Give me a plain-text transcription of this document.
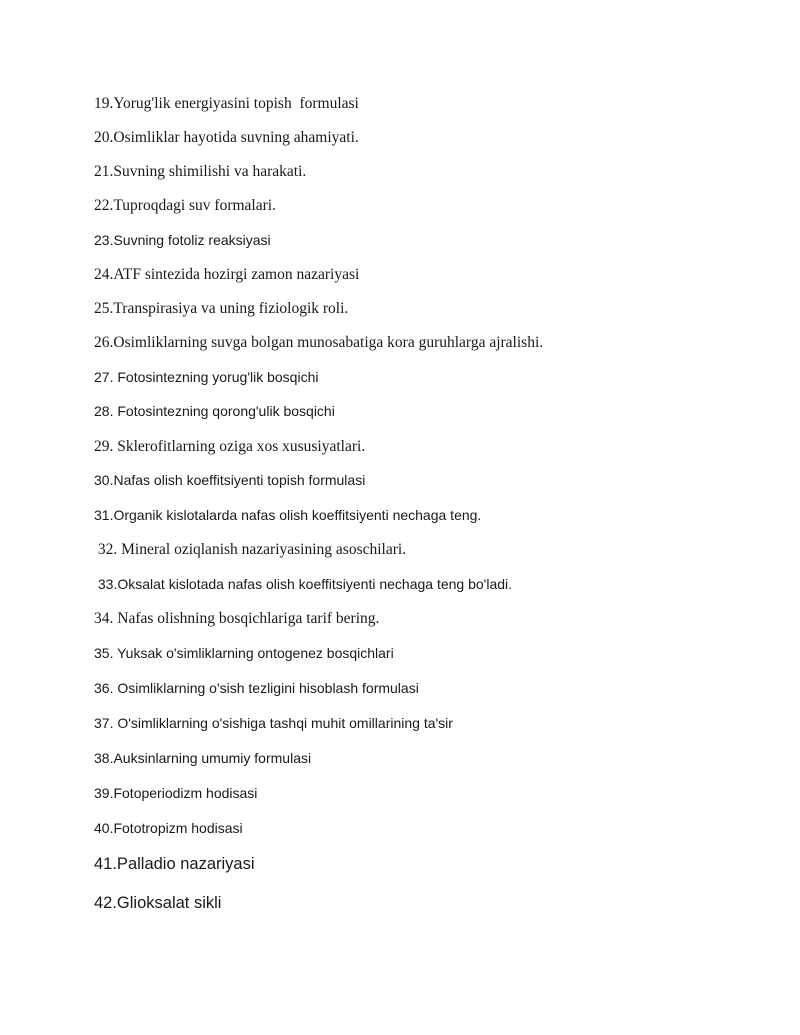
19.Yorug'lik energiyasini topish  formulasi
20.Osimliklar hayotida suvning ahamiyati.
21.Suvning shimilishi va harakati.
22.Tuproqdagi suv formalari.
23.Suvning fotoliz reaksiyasi
24.ATF sintezida hozirgi zamon nazariyasi
25.Transpirasiya va uning fiziologik roli.
26.Osimliklarning suvga bolgan munosabatiga kora guruhlarga ajralishi.
27. Fotosintezning yorug'lik bosqichi
28. Fotosintezning qorong'ulik bosqichi
29. Sklerofitlarning oziga xos xususiyatlari.
30.Nafas olish koeffitsiyenti topish formulasi
31.Organik kislotalarda nafas olish koeffitsiyenti nechaga teng.
32. Mineral oziqlanish nazariyasining asoschilari.
33.Oksalat kislotada nafas olish koeffitsiyenti nechaga teng bo'ladi.
34. Nafas olishning bosqichlariga tarif bering.
35. Yuksak o'simliklarning ontogenez bosqichlari
36. Osimliklarning o'sish tezligini hisoblash formulasi
37. O'simliklarning o'sishiga tashqi muhit omillarining ta'sir
38.Auksinlarning umumiy formulasi
39.Fotoperiodizm hodisasi
40.Fototropizm hodisasi
41.Palladio nazariyasi
42.Glioksalat sikli
